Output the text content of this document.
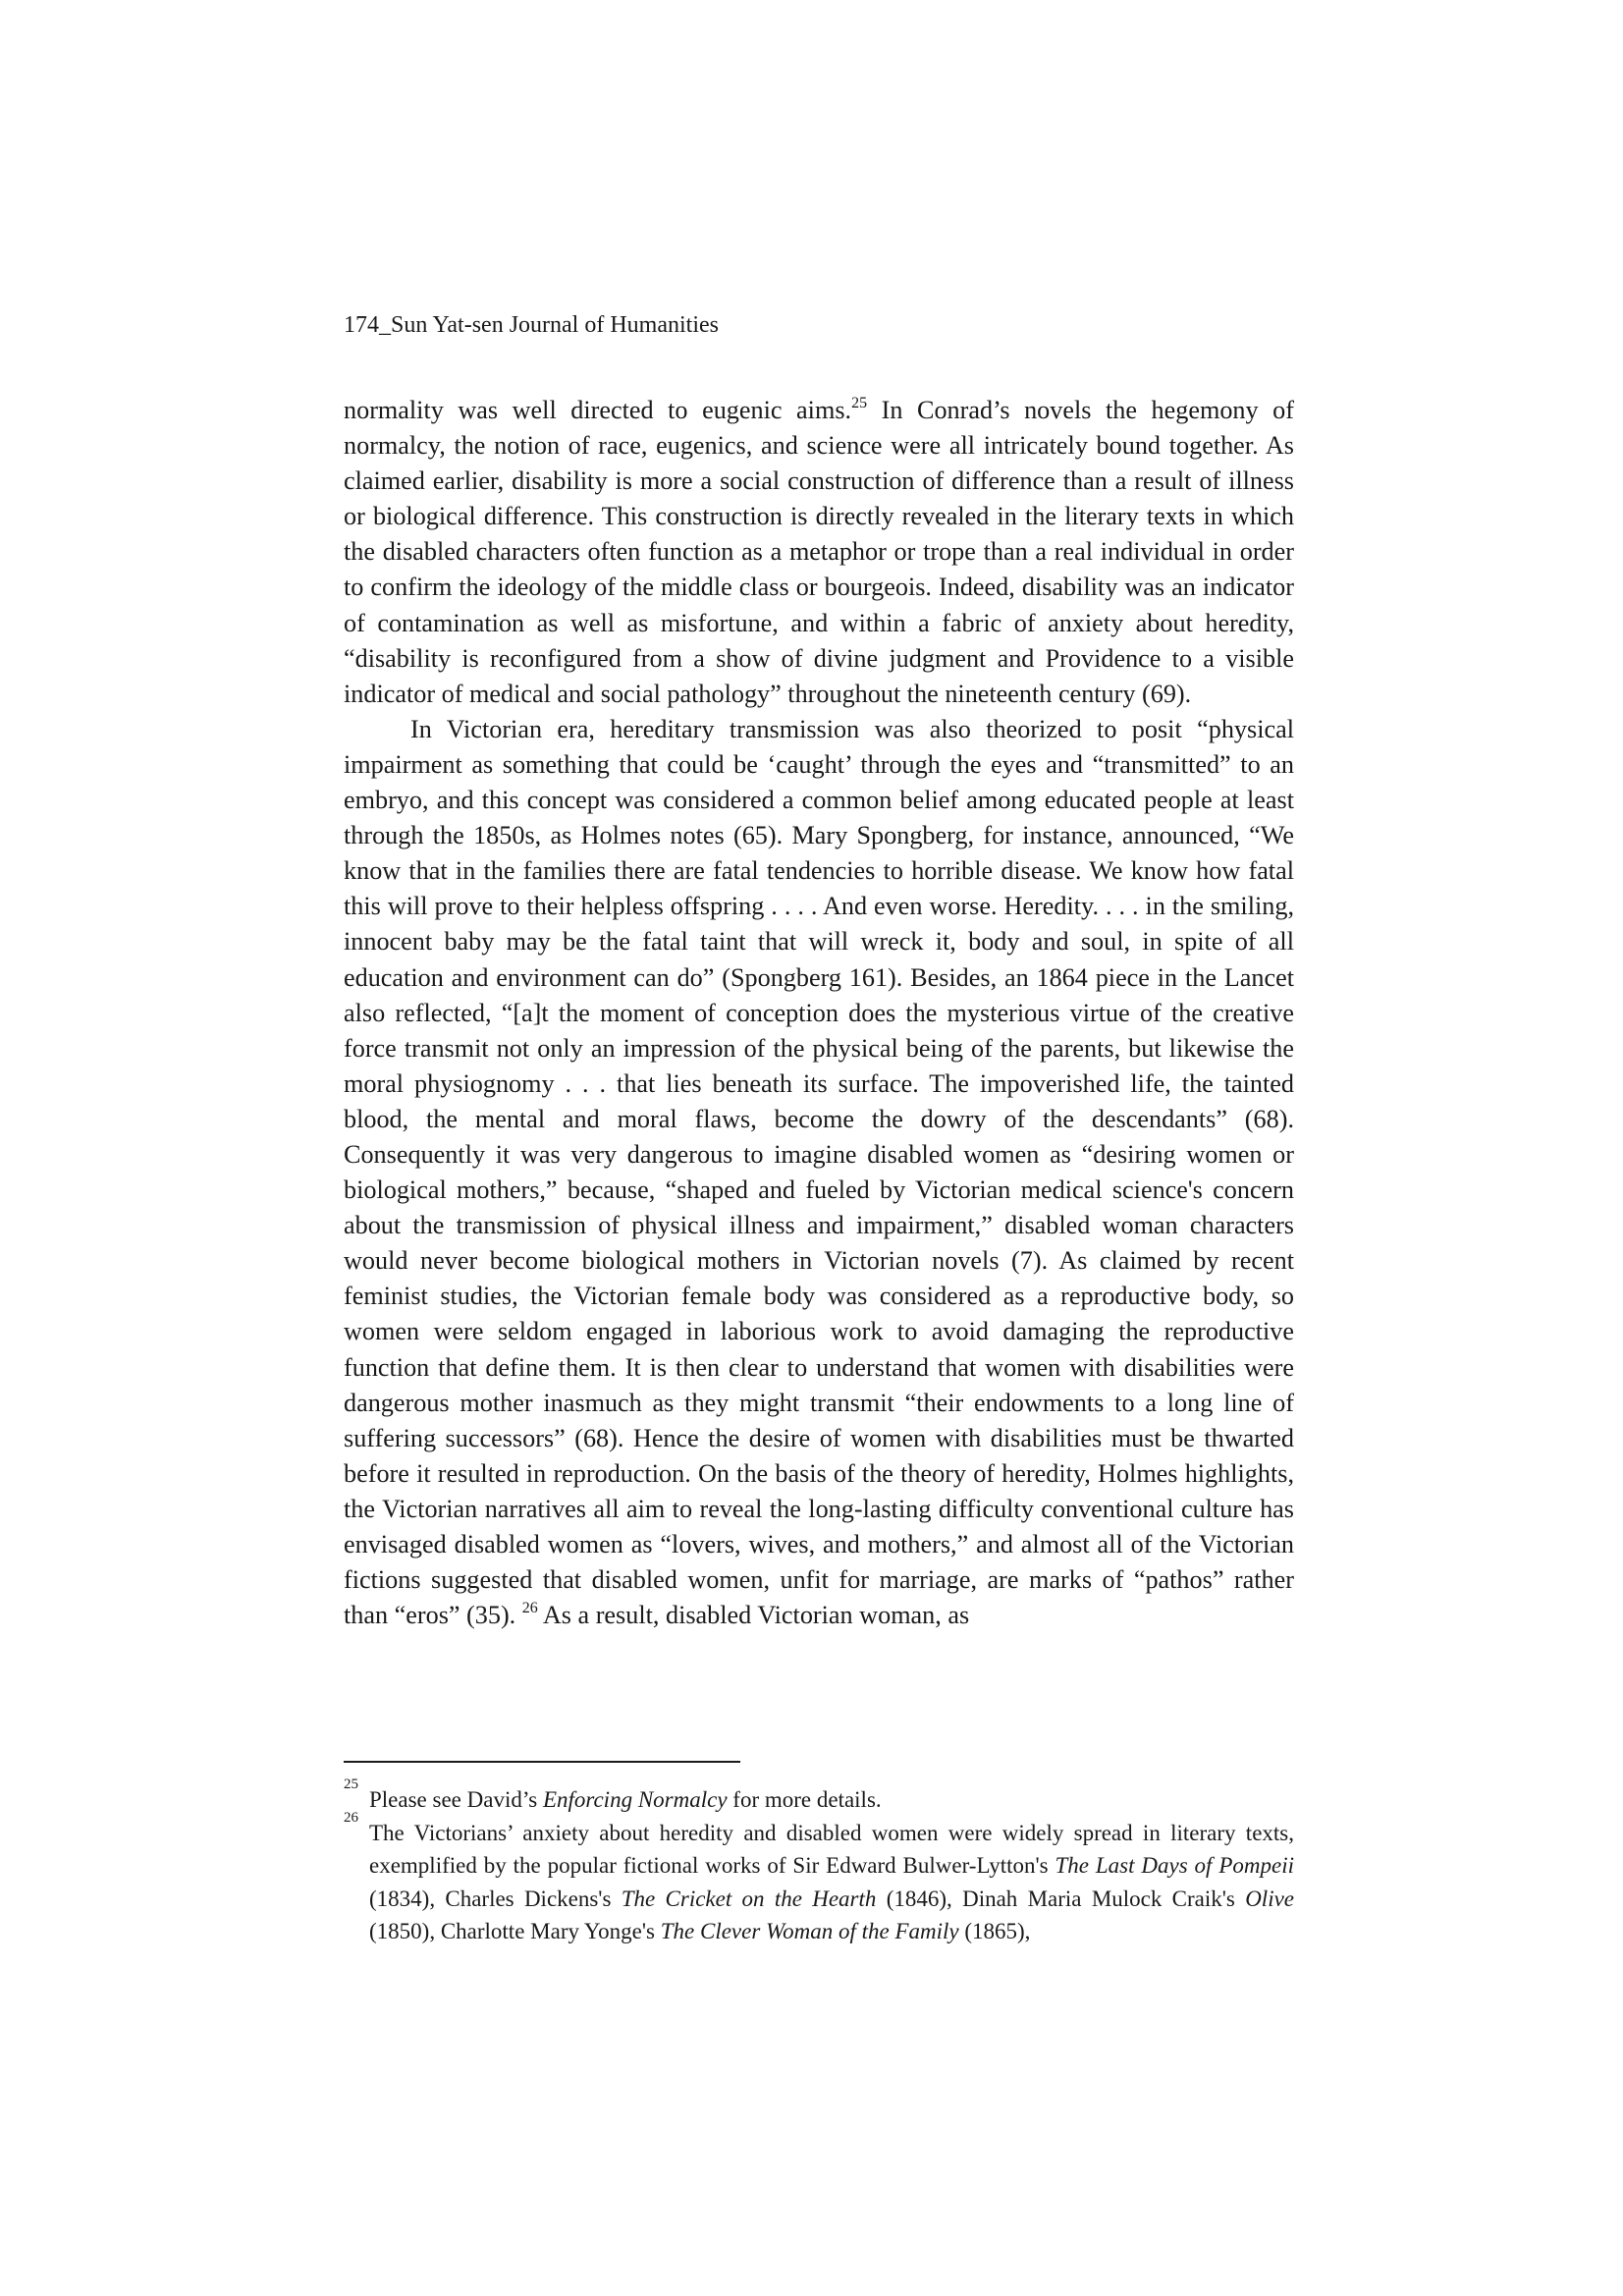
174_Sun Yat-sen Journal of Humanities

normality was well directed to eugenic aims.$^{25}$ In Conrad’s novels the hegemony of normalcy, the notion of race, eugenics, and science were all intricately bound together. As claimed earlier, disability is more a social construction of difference than a result of illness or biological difference. This construction is directly revealed in the literary texts in which the disabled characters often function as a metaphor or trope than a real individual in order to confirm the ideology of the middle class or bourgeois. Indeed, disability was an indicator of contamination as well as misfortune, and within a fabric of anxiety about heredity, “disability is reconfigured from a show of divine judgment and Providence to a visible indicator of medical and social pathology” throughout the nineteenth century (69).

In Victorian era, hereditary transmission was also theorized to posit “physical impairment as something that could be ‘caught’ through the eyes and “transmitted” to an embryo, and this concept was considered a common belief among educated people at least through the 1850s, as Holmes notes (65). Mary Spongberg, for instance, announced, “We know that in the families there are fatal tendencies to horrible disease. We know how fatal this will prove to their helpless offspring . . . . And even worse. Heredity. . . . in the smiling, innocent baby may be the fatal taint that will wreck it, body and soul, in spite of all education and environment can do” (Spongberg 161). Besides, an 1864 piece in the Lancet also reflected, “[a]t the moment of conception does the mysterious virtue of the creative force transmit not only an impression of the physical being of the parents, but likewise the moral physiognomy . . . that lies beneath its surface. The impoverished life, the tainted blood, the mental and moral flaws, become the dowry of the descendants” (68). Consequently it was very dangerous to imagine disabled women as “desiring women or biological mothers,” because, “shaped and fueled by Victorian medical science's concern about the transmission of physical illness and impairment,” disabled woman characters would never become biological mothers in Victorian novels (7). As claimed by recent feminist studies, the Victorian female body was considered as a reproductive body, so women were seldom engaged in laborious work to avoid damaging the reproductive function that define them. It is then clear to understand that women with disabilities were dangerous mother inasmuch as they might transmit “their endowments to a long line of suffering successors” (68). Hence the desire of women with disabilities must be thwarted before it resulted in reproduction. On the basis of the theory of heredity, Holmes highlights, the Victorian narratives all aim to reveal the long-lasting difficulty conventional culture has envisaged disabled women as “lovers, wives, and mothers,” and almost all of the Victorian fictions suggested that disabled women, unfit for marriage, are marks of “pathos” rather than “eros” (35). $^{26}$ As a result, disabled Victorian woman, as

25
Please see David’s Enforcing Normalcy for more details.

26
The Victorians’ anxiety about heredity and disabled women were widely spread in literary texts, exemplified by the popular fictional works of Sir Edward Bulwer-Lytton's The Last Days of Pompeii (1834), Charles Dickens's The Cricket on the Hearth (1846), Dinah Maria Mulock Craik's Olive (1850), Charlotte Mary Yonge's The Clever Woman of the Family (1865),
